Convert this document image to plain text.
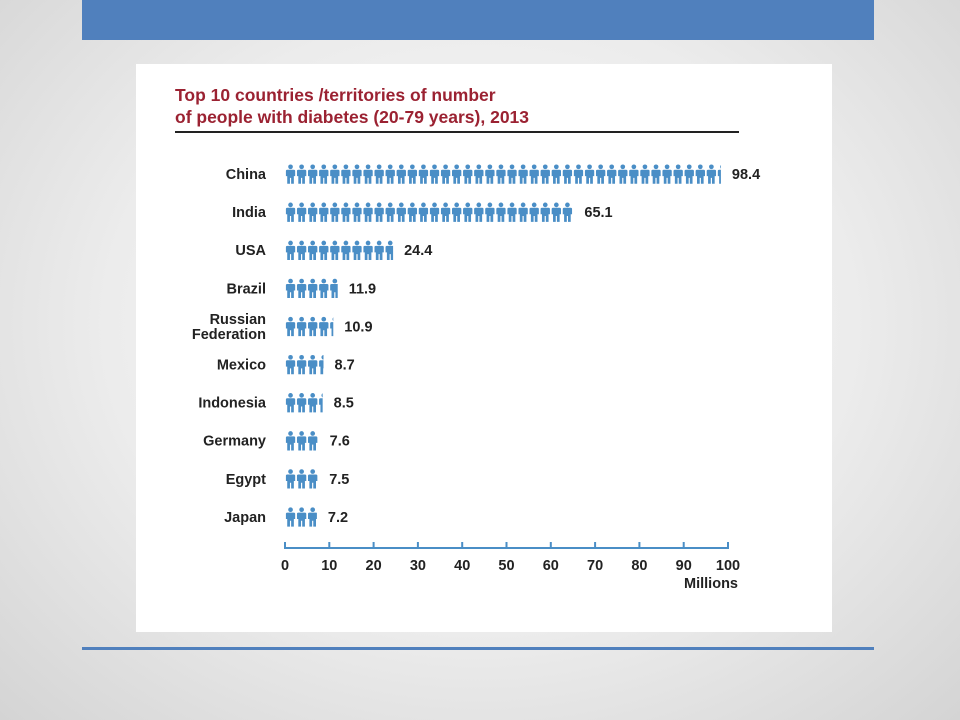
Top 10 countries /territories of number
of people with diabetes (20-79 years), 2013
China	98.4
India	65.1
USA	24.4
Brazil	11.9
Russian
Federation	10.9
Mexico	8.7
Indonesia	8.5
Germany	7.6
Egypt	7.5
Japan	7.2
0 10 20 30 40 50 60 70 80 90 100
Millions
